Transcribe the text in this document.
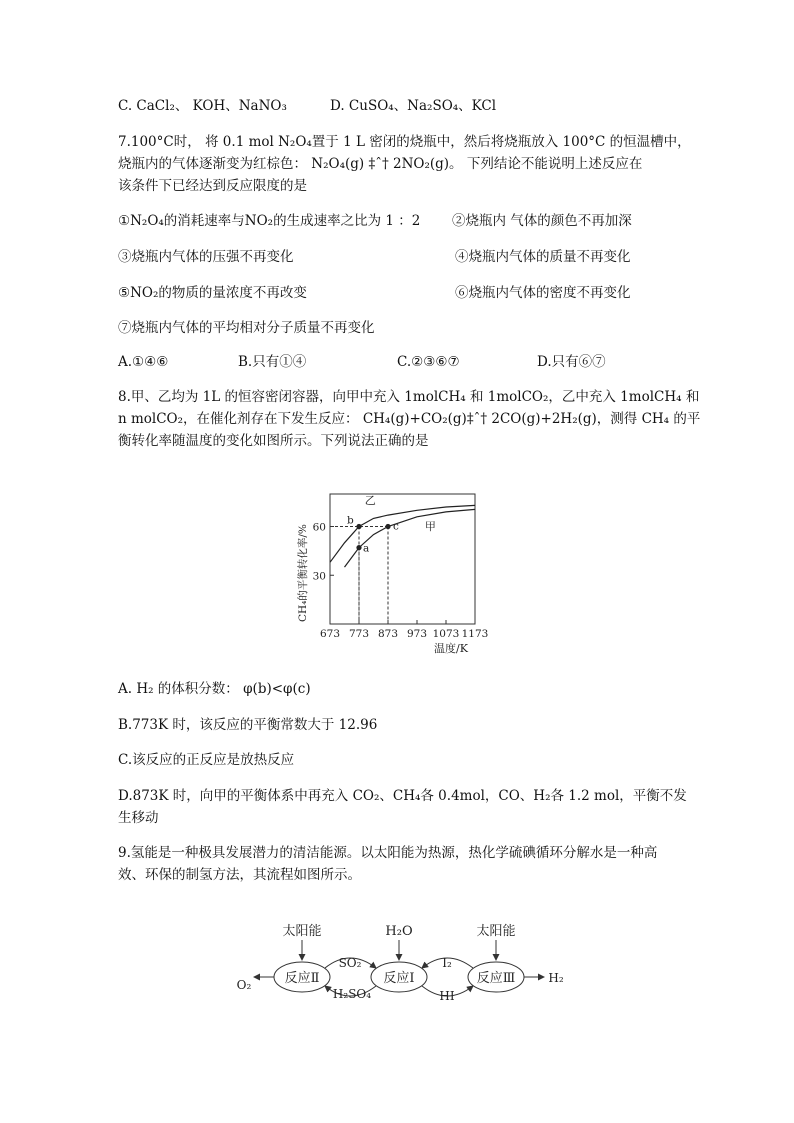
C. CaCl₂、 KOH、NaNO₃	D. CuSO₄、Na₂SO₄、KCl
7.100°C时， 将 0.1 mol N₂O₄置于 1 L 密闭的烧瓶中，然后将烧瓶放入 100°C 的恒温槽中，
烧瓶内的气体逐渐变为红棕色： N₂O₄(g) ‡ˆ† 2NO₂(g)。 下列结论不能说明上述反应在
该条件下已经达到反应限度的是
①N₂O₄的消耗速率与NO₂的生成速率之比为 1 ：2 ②烧瓶内 气体的颜色不再加深
③烧瓶内气体的压强不再变化	④烧瓶内气体的质量不再变化
⑤NO₂的物质的量浓度不再改变	⑥烧瓶内气体的密度不再变化
⑦烧瓶内气体的平均相对分子质量不再变化
A.①④⑥	B.只有①④	C.②③⑥⑦	D.只有⑥⑦
8.甲、乙均为 1L 的恒容密闭容器，向甲中充入 1molCH₄ 和 1molCO₂，乙中充入 1molCH₄ 和
n molCO₂，在催化剂存在下发生反应： CH₄(g)+CO₂(g)‡ˆ† 2CO(g)+2H₂(g)，测得 CH₄ 的平
衡转化率随温度的变化如图所示。下列说法正确的是
CH₄的平衡转化率/%
温度/K
673 773 873 973 1073 1173
30
60
乙
甲
a
b	c
A. H₂ 的体积分数： φ(b)<φ(c)
B.773K 时，该反应的平衡常数大于 12.96
C.该反应的正反应是放热反应
D.873K 时，向甲的平衡体系中再充入 CO₂、CH₄各 0.4mol，CO、H₂各 1.2 mol，平衡不发
生移动
9.氢能是一种极具发展潜力的清洁能源。以太阳能为热源，热化学硫碘循环分解水是一种高
效、环保的制氢方法，其流程如图所示。
反应Ⅱ	反应Ⅰ	反应Ⅲ
太阳能	H₂O	太阳能
O₂	H₂
SO₂
H₂SO₄
I₂
HI
